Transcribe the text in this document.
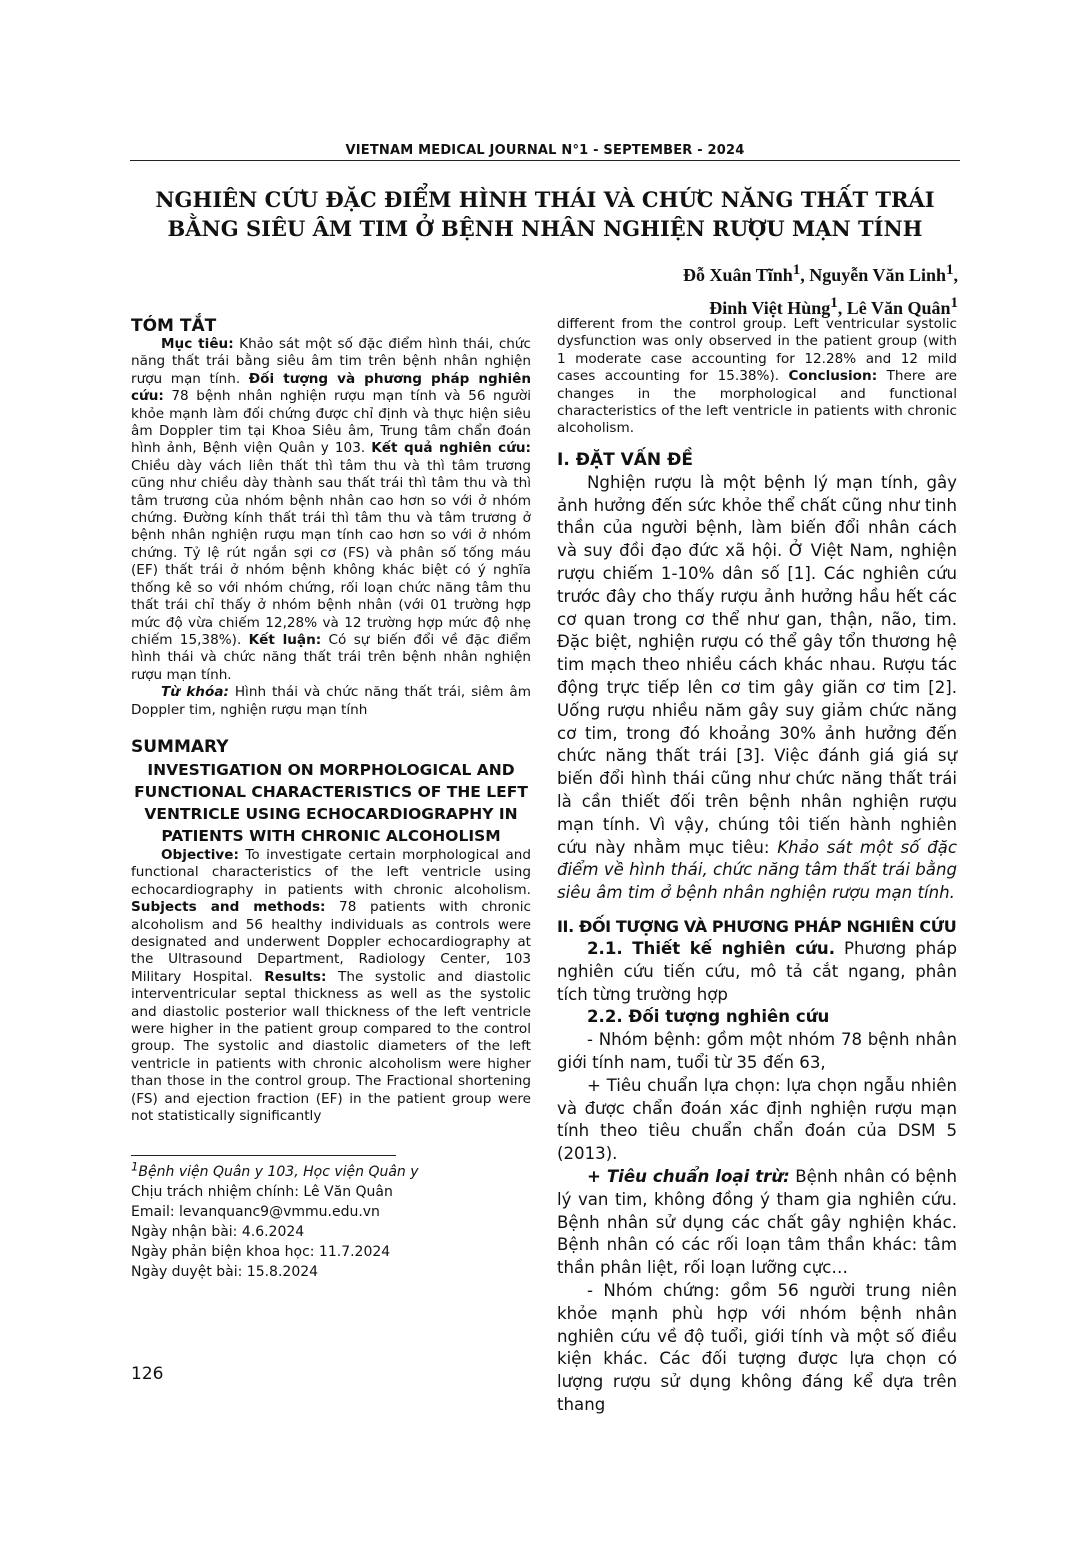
VIETNAM MEDICAL JOURNAL N°1 - SEPTEMBER - 2024
NGHIÊN CỨU ĐẶC ĐIỂM HÌNH THÁI VÀ CHỨC NĂNG THẤT TRÁI
BẰNG SIÊU ÂM TIM Ở BỆNH NHÂN NGHIỆN RƯỢU MẠN TÍNH
Đỗ Xuân Tĩnh$^1$, Nguyễn Văn Linh$^1$,
Đinh Việt Hùng$^1$, Lê Văn Quân$^1$
TÓM TẮT

Mục tiêu: Khảo sát một số đặc điểm hình thái, chức năng thất trái bằng siêu âm tim trên bệnh nhân nghiện rượu mạn tính. Đối tượng và phương pháp nghiên cứu: 78 bệnh nhân nghiện rượu mạn tính và 56 người khỏe mạnh làm đối chứng được chỉ định và thực hiện siêu âm Doppler tim tại Khoa Siêu âm, Trung tâm chẩn đoán hình ảnh, Bệnh viện Quân y 103. Kết quả nghiên cứu: Chiều dày vách liên thất thì tâm thu và thì tâm trương cũng như chiều dày thành sau thất trái thì tâm thu và thì tâm trương của nhóm bệnh nhân cao hơn so với ở nhóm chứng. Đường kính thất trái thì tâm thu và tâm trương ở bệnh nhân nghiện rượu mạn tính cao hơn so với ở nhóm chứng. Tỷ lệ rút ngắn sợi cơ (FS) và phân số tống máu (EF) thất trái ở nhóm bệnh không khác biệt có ý nghĩa thống kê so với nhóm chứng, rối loạn chức năng tâm thu thất trái chỉ thấy ở nhóm bệnh nhân (với 01 trường hợp mức độ vừa chiếm 12,28% và 12 trường hợp mức độ nhẹ chiếm 15,38%). Kết luận: Có sự biến đổi về đặc điểm hình thái và chức năng thất trái trên bệnh nhân nghiện rượu mạn tính.

Từ khóa: Hình thái và chức năng thất trái, siêm âm Doppler tim, nghiện rượu mạn tính

SUMMARY
INVESTIGATION ON MORPHOLOGICAL AND FUNCTIONAL CHARACTERISTICS OF THE LEFT VENTRICLE USING ECHOCARDIOGRAPHY IN PATIENTS WITH CHRONIC ALCOHOLISM

Objective: To investigate certain morphological and functional characteristics of the left ventricle using echocardiography in patients with chronic alcoholism. Subjects and methods: 78 patients with chronic alcoholism and 56 healthy individuals as controls were designated and underwent Doppler echocardiography at the Ultrasound Department, Radiology Center, 103 Military Hospital. Results: The systolic and diastolic interventricular septal thickness as well as the systolic and diastolic posterior wall thickness of the left ventricle were higher in the patient group compared to the control group. The systolic and diastolic diameters of the left ventricle in patients with chronic alcoholism were higher than those in the control group. The Fractional shortening (FS) and ejection fraction (EF) in the patient group were not statistically significantly

$^1$Bệnh viện Quân y 103, Học viện Quân y

Chịu trách nhiệm chính: Lê Văn Quân

Email: levanquanc9@vmmu.edu.vn

Ngày nhận bài: 4.6.2024

Ngày phản biện khoa học: 11.7.2024

Ngày duyệt bài: 15.8.2024

different from the control group. Left ventricular systolic dysfunction was only observed in the patient group (with 1 moderate case accounting for 12.28% and 12 mild cases accounting for 15.38%). Conclusion: There are changes in the morphological and functional characteristics of the left ventricle in patients with chronic alcoholism.

I. ĐẶT VẤN ĐỀ

Nghiện rượu là một bệnh lý mạn tính, gây ảnh hưởng đến sức khỏe thể chất cũng như tinh thần của người bệnh, làm biến đổi nhân cách và suy đồi đạo đức xã hội. Ở Việt Nam, nghiện rượu chiếm 1-10% dân số [1]. Các nghiên cứu trước đây cho thấy rượu ảnh hưởng hầu hết các cơ quan trong cơ thể như gan, thận, não, tim. Đặc biệt, nghiện rượu có thể gây tổn thương hệ tim mạch theo nhiều cách khác nhau. Rượu tác động trực tiếp lên cơ tim gây giãn cơ tim [2]. Uống rượu nhiều năm gây suy giảm chức năng cơ tim, trong đó khoảng 30% ảnh hưởng đến chức năng thất trái [3]. Việc đánh giá giá sự biến đổi hình thái cũng như chức năng thất trái là cần thiết đối trên bệnh nhân nghiện rượu mạn tính. Vì vậy, chúng tôi tiến hành nghiên cứu này nhằm mục tiêu: Khảo sát một số đặc điểm về hình thái, chức năng tâm thất trái bằng siêu âm tim ở bệnh nhân nghiện rượu mạn tính.

II. ĐỐI TƯỢNG VÀ PHƯƠNG PHÁP NGHIÊN CỨU

2.1. Thiết kế nghiên cứu. Phương pháp nghiên cứu tiến cứu, mô tả cắt ngang, phân tích từng trường hợp

2.2. Đối tượng nghiên cứu

- Nhóm bệnh: gồm một nhóm 78 bệnh nhân giới tính nam, tuổi từ 35 đến 63,

+ Tiêu chuẩn lựa chọn: lựa chọn ngẫu nhiên và được chẩn đoán xác định nghiện rượu mạn tính theo tiêu chuẩn chẩn đoán của DSM 5 (2013).

+ Tiêu chuẩn loại trừ: Bệnh nhân có bệnh lý van tim, không đồng ý tham gia nghiên cứu. Bệnh nhân sử dụng các chất gây nghiện khác. Bệnh nhân có các rối loạn tâm thần khác: tâm thần phân liệt, rối loạn lưỡng cực…

- Nhóm chứng: gồm 56 người trung niên khỏe mạnh phù hợp với nhóm bệnh nhân nghiên cứu về độ tuổi, giới tính và một số điều kiện khác. Các đối tượng được lựa chọn có lượng rượu sử dụng không đáng kể dựa trên thang

126
